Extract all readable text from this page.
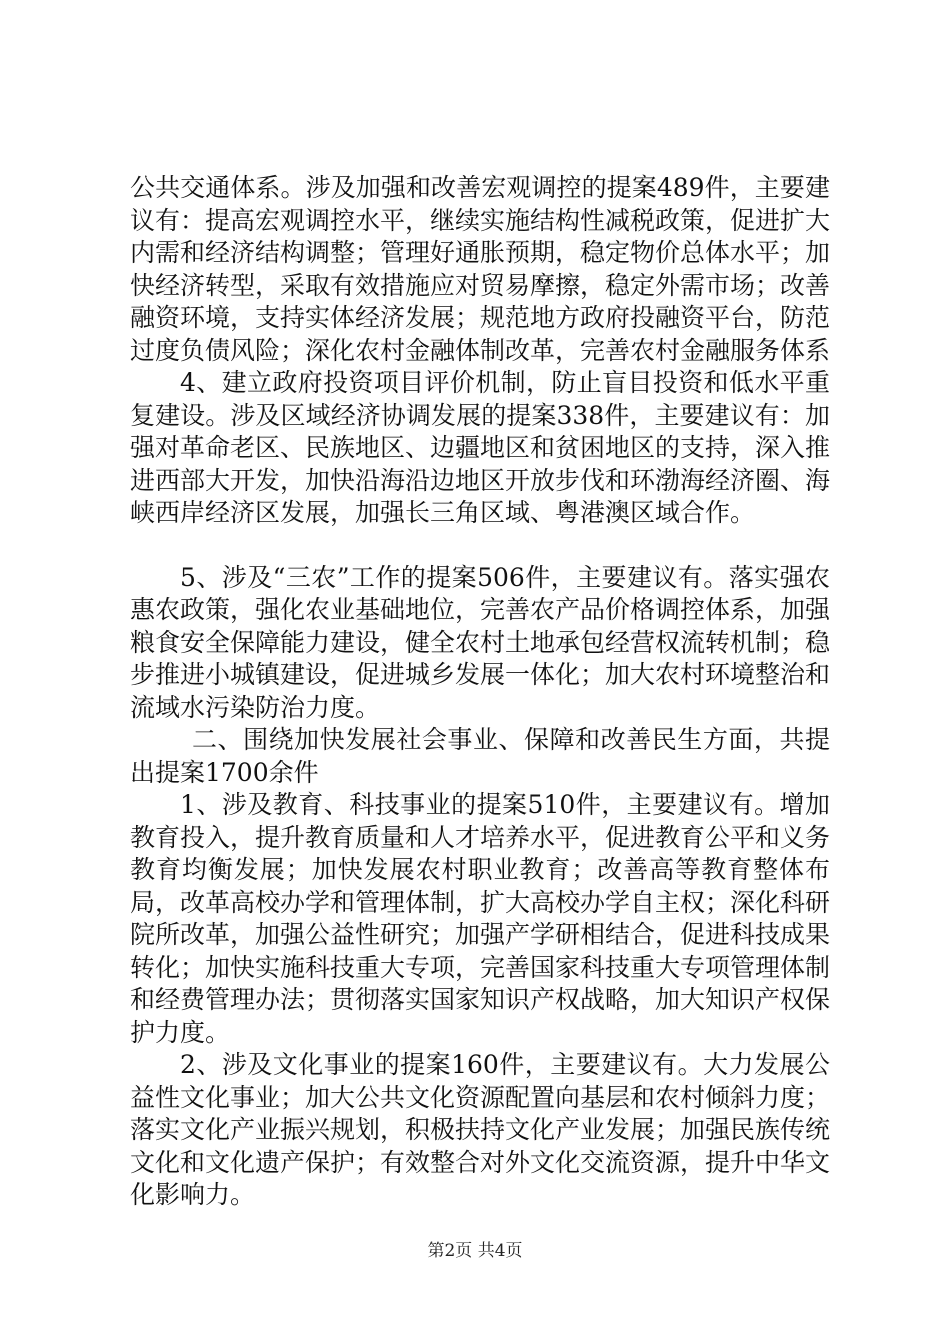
公共交通体系。涉及加强和改善宏观调控的提案489件，主要建议有：提高宏观调控水平，继续实施结构性减税政策，促进扩大内需和经济结构调整；管理好通胀预期，稳定物价总体水平；加快经济转型，采取有效措施应对贸易摩擦，稳定外需市场；改善融资环境，支持实体经济发展；规范地方政府投融资平台，防范过度负债风险；深化农村金融体制改革，完善农村金融服务体系

4、建立政府投资项目评价机制，防止盲目投资和低水平重复建设。涉及区域经济协调发展的提案338件，主要建议有：加强对革命老区、民族地区、边疆地区和贫困地区的支持，深入推进西部大开发，加快沿海沿边地区开放步伐和环渤海经济圈、海峡西岸经济区发展，加强长三角区域、粤港澳区域合作。

5、涉及“三农”工作的提案506件，主要建议有。落实强农惠农政策，强化农业基础地位，完善农产品价格调控体系，加强粮食安全保障能力建设，健全农村土地承包经营权流转机制；稳步推进小城镇建设，促进城乡发展一体化；加大农村环境整治和流域水污染防治力度。

二、围绕加快发展社会事业、保障和改善民生方面，共提出提案1700余件

1、涉及教育、科技事业的提案510件，主要建议有。增加教育投入，提升教育质量和人才培养水平，促进教育公平和义务教育均衡发展；加快发展农村职业教育；改善高等教育整体布局，改革高校办学和管理体制，扩大高校办学自主权；深化科研院所改革，加强公益性研究；加强产学研相结合，促进科技成果转化；加快实施科技重大专项，完善国家科技重大专项管理体制和经费管理办法；贯彻落实国家知识产权战略，加大知识产权保护力度。

2、涉及文化事业的提案160件，主要建议有。大力发展公益性文化事业；加大公共文化资源配置向基层和农村倾斜力度；落实文化产业振兴规划，积极扶持文化产业发展；加强民族传统文化和文化遗产保护；有效整合对外文化交流资源，提升中华文化影响力。

第2页 共4页
